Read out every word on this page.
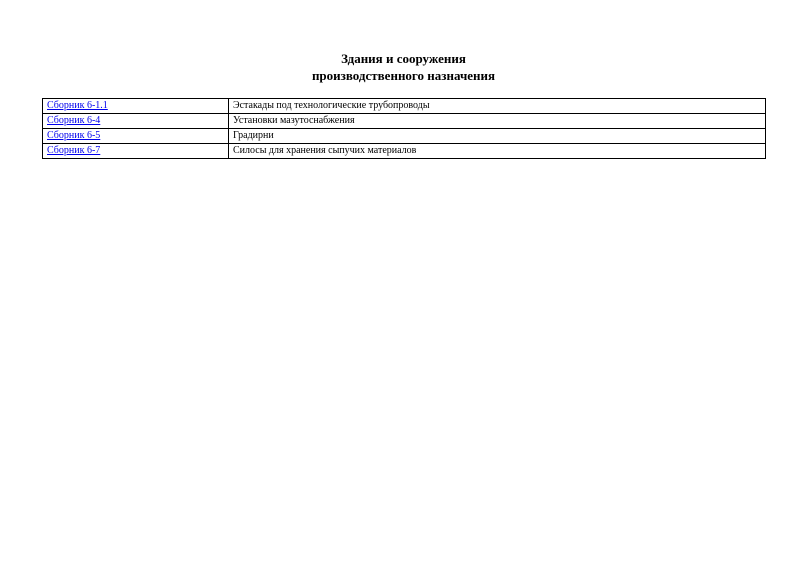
Здания и сооружения
производственного назначения
Сборник 6-1.1	Эстакады под технологические трубопроводы
Сборник 6-4	Установки мазутоснабжения
Сборник 6-5	Градирни
Сборник 6-7	Силосы для хранения сыпучих материалов
